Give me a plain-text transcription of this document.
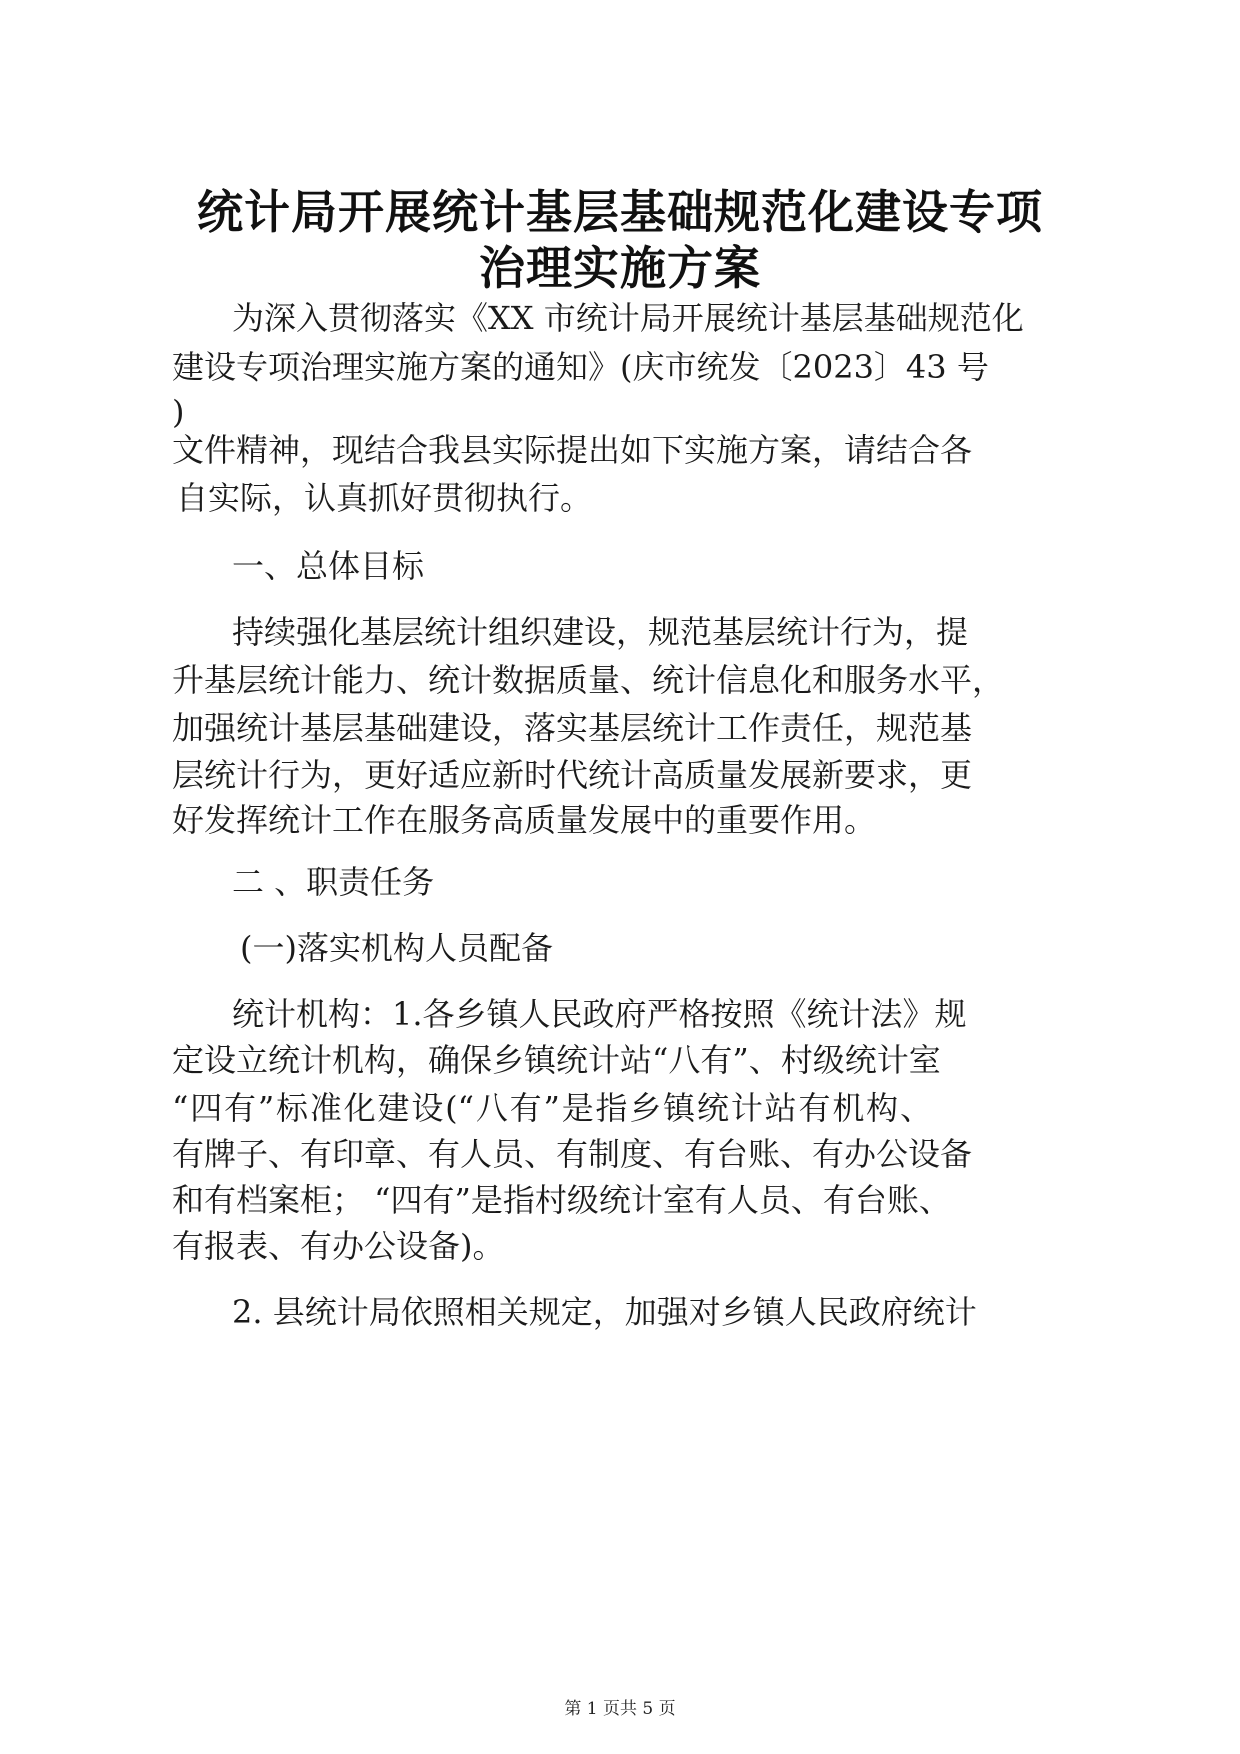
统计局开展统计基层基础规范化建设专项
治理实施方案
为深入贯彻落实《XX 市统计局开展统计基层基础规范化
建设专项治理实施方案的通知》(庆市统发〔2023〕43 号
)
文件精神，现结合我县实际提出如下实施方案，请结合各
自实际，认真抓好贯彻执行。
一、总体目标
持续强化基层统计组织建设，规范基层统计行为，提
升基层统计能力、统计数据质量、统计信息化和服务水平，
加强统计基层基础建设，落实基层统计工作责任，规范基
层统计行为，更好适应新时代统计高质量发展新要求，更
好发挥统计工作在服务高质量发展中的重要作用。
二 、职责任务
(一)落实机构人员配备
统计机构：1.各乡镇人民政府严格按照《统计法》规
定设立统计机构，确保乡镇统计站“八有”、村级统计室
“四有”标准化建设(“八有”是指乡镇统计站有机构、
有牌子、有印章、有人员、有制度、有台账、有办公设备
和有档案柜； “四有”是指村级统计室有人员、有台账、
有报表、有办公设备)。
2. 县统计局依照相关规定，加强对乡镇人民政府统计
第 1 页共 5 页
